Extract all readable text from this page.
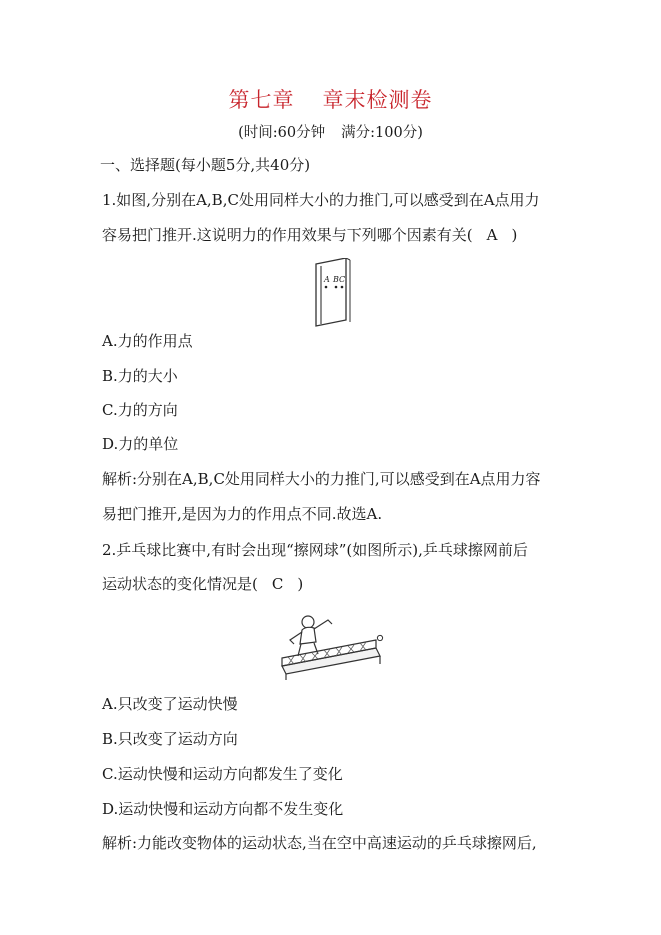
第七章 章末检测卷
(时间:60分钟 满分:100分)
一、选择题(每小题5分,共40分)
1.如图,分别在A,B,C处用同样大小的力推门,可以感受到在A点用力
容易把门推开.这说明力的作用效果与下列哪个因素有关( A )
A BC
A.力的作用点
B.力的大小
C.力的方向
D.力的单位
解析:分别在A,B,C处用同样大小的力推门,可以感受到在A点用力容
易把门推开,是因为力的作用点不同.故选A.
2.乒乓球比赛中,有时会出现“擦网球”(如图所示),乒乓球擦网前后
运动状态的变化情况是( C )
A.只改变了运动快慢
B.只改变了运动方向
C.运动快慢和运动方向都发生了变化
D.运动快慢和运动方向都不发生变化
解析:力能改变物体的运动状态,当在空中高速运动的乒乓球擦网后,
